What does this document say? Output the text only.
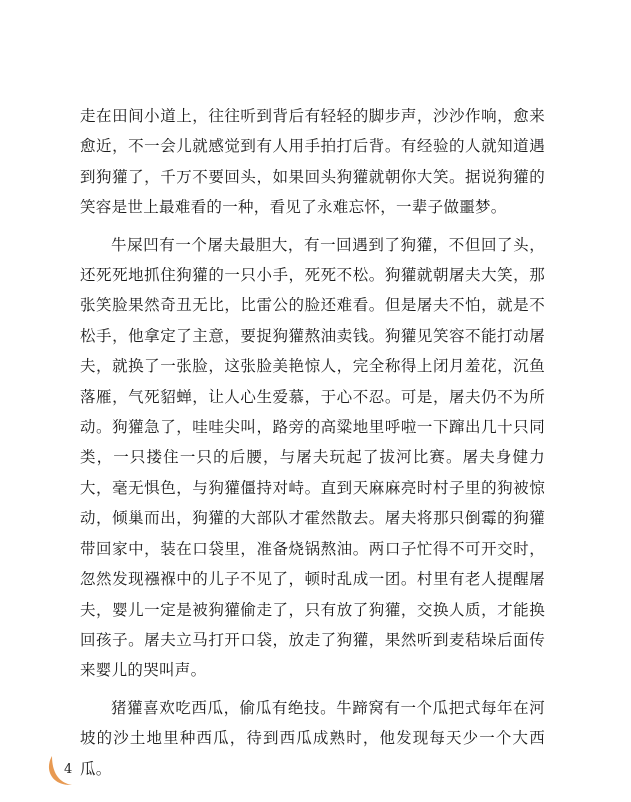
走在田间小道上，往往听到背后有轻轻的脚步声，沙沙作响，愈来愈近，不一会儿就感觉到有人用手拍打后背。有经验的人就知道遇到狗獾了，千万不要回头，如果回头狗獾就朝你大笑。据说狗獾的笑容是世上最难看的一种，看见了永难忘怀，一辈子做噩梦。

牛屎凹有一个屠夫最胆大，有一回遇到了狗獾，不但回了头，还死死地抓住狗獾的一只小手，死死不松。狗獾就朝屠夫大笑，那张笑脸果然奇丑无比，比雷公的脸还难看。但是屠夫不怕，就是不松手，他拿定了主意，要捉狗獾熬油卖钱。狗獾见笑容不能打动屠夫，就换了一张脸，这张脸美艳惊人，完全称得上闭月羞花，沉鱼落雁，气死貂蝉，让人心生爱慕，于心不忍。可是，屠夫仍不为所动。狗獾急了，哇哇尖叫，路旁的高粱地里呼啦一下蹿出几十只同类，一只搂住一只的后腰，与屠夫玩起了拔河比赛。屠夫身健力大，毫无惧色，与狗獾僵持对峙。直到天麻麻亮时村子里的狗被惊动，倾巢而出，狗獾的大部队才霍然散去。屠夫将那只倒霉的狗獾带回家中，装在口袋里，准备烧锅熬油。两口子忙得不可开交时，忽然发现襁褓中的儿子不见了，顿时乱成一团。村里有老人提醒屠夫，婴儿一定是被狗獾偷走了，只有放了狗獾，交换人质，才能换回孩子。屠夫立马打开口袋，放走了狗獾，果然听到麦秸垛后面传来婴儿的哭叫声。

猪獾喜欢吃西瓜，偷瓜有绝技。牛蹄窝有一个瓜把式每年在河坡的沙土地里种西瓜，待到西瓜成熟时，他发现每天少一个大西瓜。

4
